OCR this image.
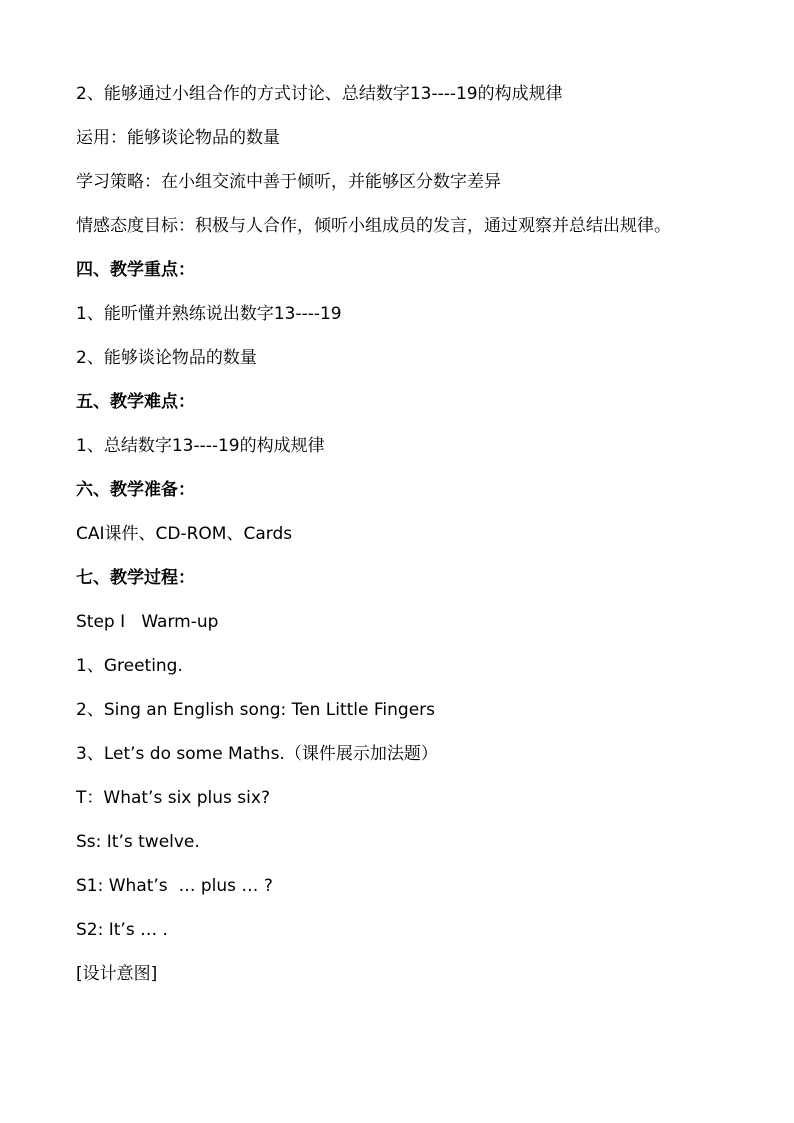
2、能够通过小组合作的方式讨论、总结数字13----19的构成规律

运用：能够谈论物品的数量

学习策略：在小组交流中善于倾听，并能够区分数字差异

情感态度目标：积极与人合作，倾听小组成员的发言，通过观察并总结出规律。

四、教学重点：

1、能听懂并熟练说出数字13----19

2、能够谈论物品的数量

五、教学难点：

1、总结数字13----19的构成规律

六、教学准备：

CAI课件、CD-ROM、Cards

七、教学过程：

Step I   Warm-up

1、Greeting.

2、Sing an English song: Ten Little Fingers

3、Let’s do some Maths.（课件展示加法题）

T：What’s six plus six?

Ss: It’s twelve.

S1: What’s  … plus … ?

S2: It’s … .

[设计意图]
